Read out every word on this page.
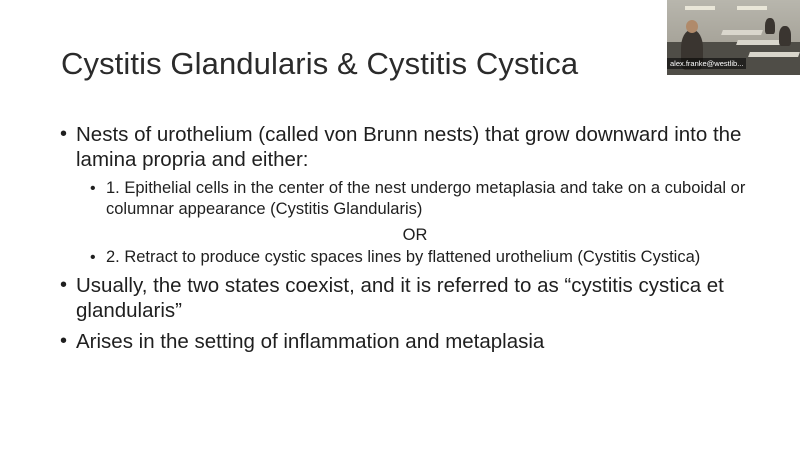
Cystitis Glandularis & Cystitis Cystica
• Nests of urothelium (called von Brunn nests) that grow downward into the lamina propria and either:
• 1. Epithelial cells in the center of the nest undergo metaplasia and take on a cuboidal or columnar appearance (Cystitis Glandularis)
OR
• 2. Retract to produce cystic spaces lines by flattened urothelium (Cystitis Cystica)
• Usually, the two states coexist, and it is referred to as “cystitis cystica et glandularis”
• Arises in the setting of inflammation and metaplasia
alex.franke@westlib...
